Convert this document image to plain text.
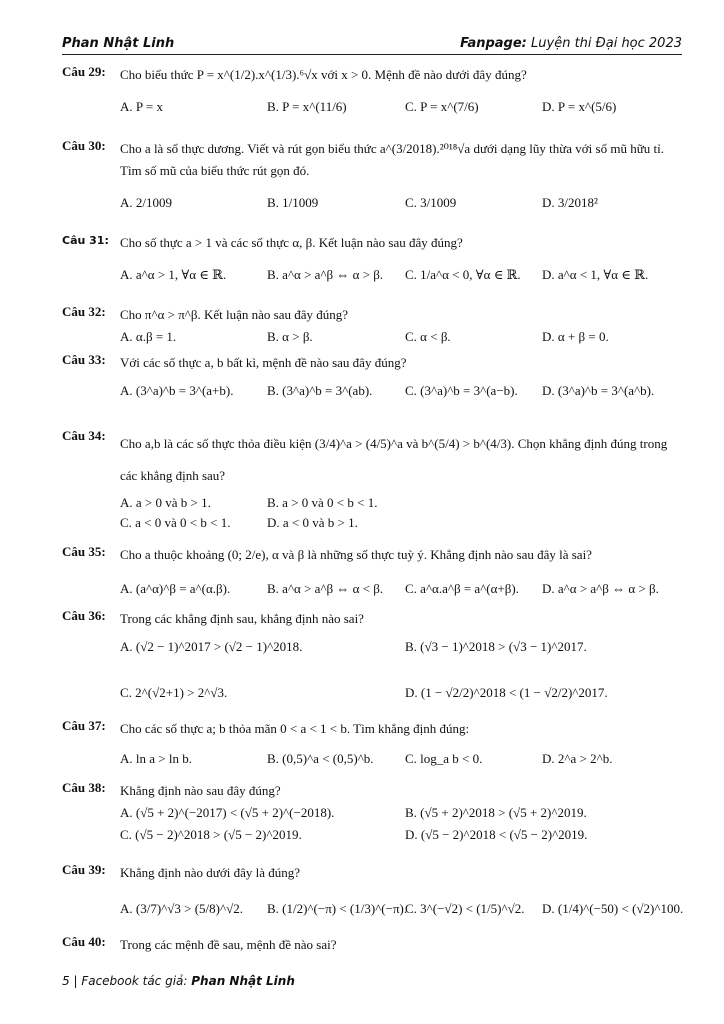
Phan Nhật Linh	Fanpage: Luyện thi Đại học 2023
Câu 29: Cho biểu thức P = x^(1/2).x^(1/3).⁶√x với x > 0. Mệnh đề nào dưới đây đúng?
A. P = x	B. P = x^(11/6)	C. P = x^(7/6)	D. P = x^(5/6)
Câu 30: Cho a là số thực dương. Viết và rút gọn biểu thức a^(3/2018).²⁰¹⁸√a dưới dạng lũy thừa với số mũ hữu tỉ. Tìm số mũ của biểu thức rút gọn đó.
A. 2/1009	B. 1/1009	C. 3/1009	D. 3/2018²
Câu 31: Cho số thực a > 1 và các số thực α, β. Kết luận nào sau đây đúng?
A. a^α > 1, ∀α ∈ ℝ.	B. a^α > a^β ⇔ α > β. C. 1/a^α < 0, ∀α ∈ ℝ. D. a^α < 1, ∀α ∈ ℝ.
Câu 32: Cho π^α > π^β. Kết luận nào sau đây đúng?
A. α.β = 1.	B. α > β.	C. α < β.	D. α + β = 0.
Câu 33: Với các số thực a, b bất kì, mệnh đề nào sau đây đúng?
A. (3^a)^b = 3^(a+b).	B. (3^a)^b = 3^(ab).	C. (3^a)^b = 3^(a−b). D. (3^a)^b = 3^(a^b).
Câu 34:
Cho a,b là các số thực thỏa điều kiện (3/4)^a > (4/5)^a và b^(5/4) > b^(4/3). Chọn khẳng định đúng trong các khẳng định sau?
A. a > 0 và b > 1.	B. a > 0 và 0 < b < 1.
C. a < 0 và 0 < b < 1.	D. a < 0 và b > 1.
Câu 35: Cho a thuộc khoảng (0; 2/e), α và β là những số thực tuỳ ý. Khẳng định nào sau đây là sai?
A. (a^α)^β = a^(α.β).	B. a^α > a^β ⇔ α < β. C. a^α.a^β = a^(α+β). D. a^α > a^β ⇔ α > β.
Câu 36: Trong các khẳng định sau, khẳng định nào sai?
A. (√2 − 1)^2017 > (√2 − 1)^2018.	B. (√3 − 1)^2018 > (√3 − 1)^2017.
C. 2^(√2+1) > 2^√3.	D. (1 − √2/2)^2018 < (1 − √2/2)^2017.
Câu 37: Cho các số thực a; b thỏa mãn 0 < a < 1 < b. Tìm khẳng định đúng:
A. ln a > ln b.	B. (0,5)^a < (0,5)^b. C. log_a b < 0.	D. 2^a > 2^b.
Câu 38: Khẳng định nào sau đây đúng?
A. (√5 + 2)^(−2017) < (√5 + 2)^(−2018).	B. (√5 + 2)^2018 > (√5 + 2)^2019.
C. (√5 − 2)^2018 > (√5 − 2)^2019.	D. (√5 − 2)^2018 < (√5 − 2)^2019.
Câu 39: Khẳng định nào dưới đây là đúng?
A. (3/7)^√3 > (5/8)^√2. B. (1/2)^(−π) < (1/3)^(−π).
C. 3^(−√2) < (1/5)^√2. D. (1/4)^(−50) < (√2)^100.
Câu 40: Trong các mệnh đề sau, mệnh đề nào sai?
5 | Facebook tác giả: Phan Nhật Linh
